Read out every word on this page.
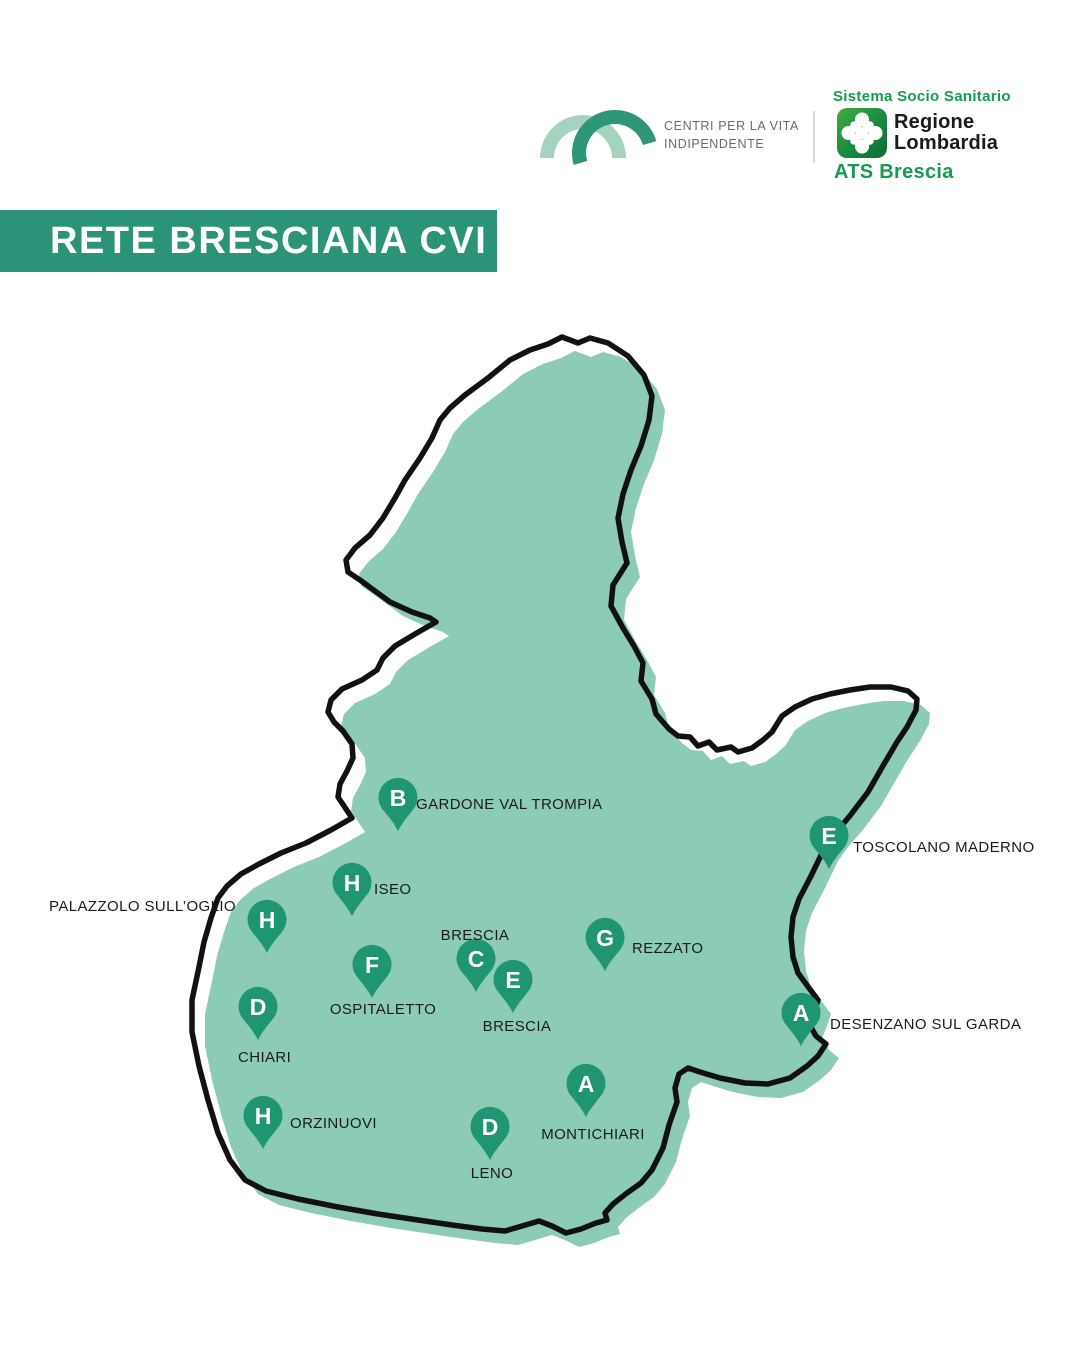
CENTRI PER LA VITA
INDIPENDENTE
Sistema Socio Sanitario
Regione
Lombardia
ATS Brescia
RETE BRESCIANA CVI
B
E
H
H
C
E
F
G
D
H
A
D
A
GARDONE VAL TROMPIA
TOSCOLANO MADERNO
ISEO
PALAZZOLO SULL’OGLIO
BRESCIA
BRESCIA
OSPITALETTO
REZZATO
CHIARI
ORZINUOVI
MONTICHIARI
LENO
DESENZANO SUL GARDA
